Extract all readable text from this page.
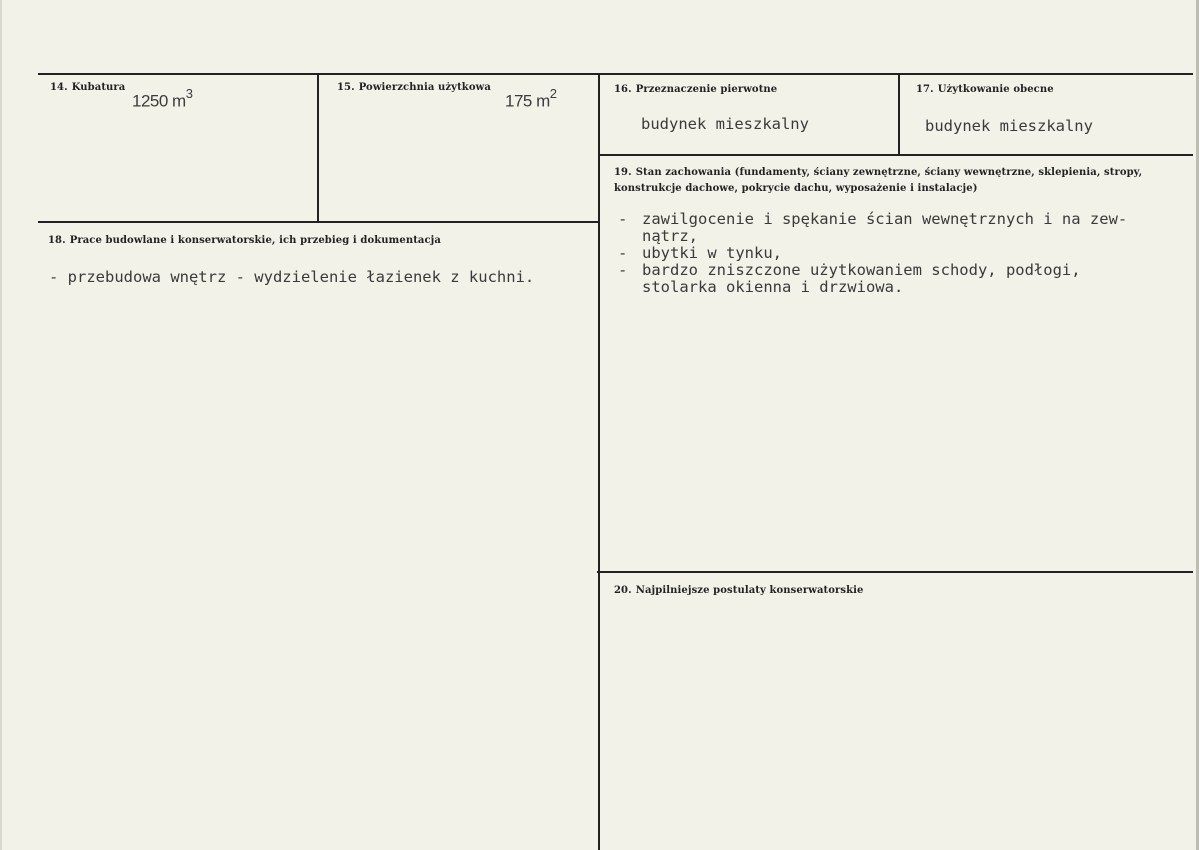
14. Kubatura
1250 $m^3$	15. Powierzchnia użytkowa
175 $m^2$	16. Przeznaczenie pierwotne
budynek mieszkalny
17. Użytkowanie obecne
budynek mieszkalny
18. Prace budowlane i konserwatorskie, ich przebieg i dokumentacja
- przebudowa wnętrz - wydzielenie łazienek z kuchni.
19. Stan zachowania (fundamenty, ściany zewnętrzne, ściany wewnętrzne, sklepienia, stropy, konstrukcje dachowe, pokrycie dachu, wyposażenie i instalacje)
- zawilgocenie i spękanie ścian wewnętrznych i na zew-
nątrz,
- ubytki w tynku,
- bardzo zniszczone użytkowaniem schody, podłogi,
stolarka okienna i drzwiowa.
20. Najpilniejsze postulaty konserwatorskie
